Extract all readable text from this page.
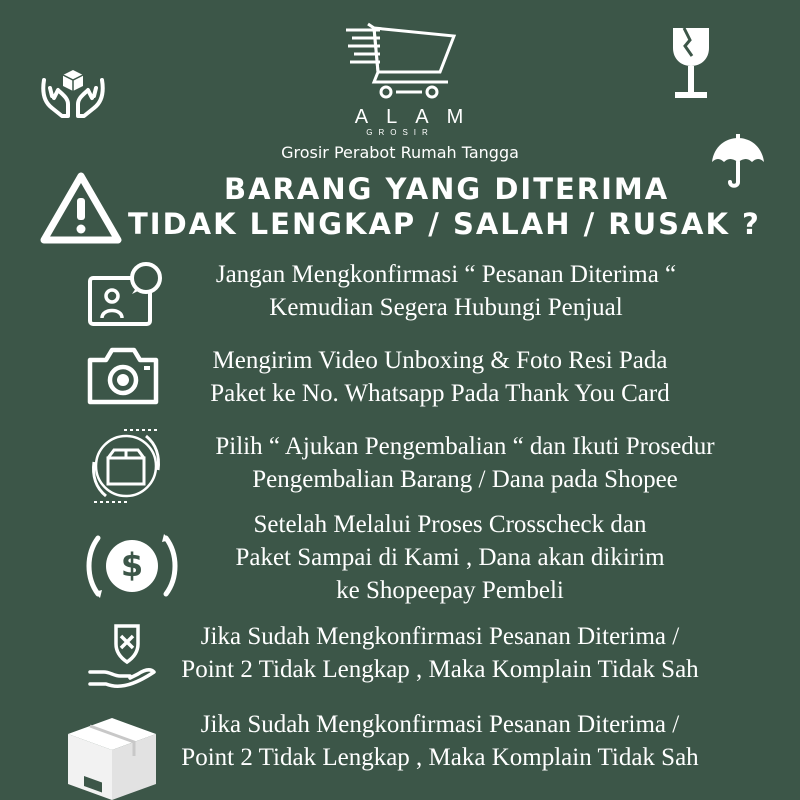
ALAM
GROSIR
Grosir Perabot Rumah Tangga
BARANG YANG DITERIMA
TIDAK LENGKAP / SALAH / RUSAK ?
Jangan Mengkonfirmasi “ Pesanan Diterima “
Kemudian Segera Hubungi Penjual
Mengirim Video Unboxing & Foto Resi Pada
Paket ke No. Whatsapp Pada Thank You Card
Pilih “ Ajukan Pengembalian “ dan Ikuti Prosedur
Pengembalian Barang / Dana pada Shopee
$
Setelah Melalui Proses Crosscheck dan
Paket Sampai di Kami , Dana akan dikirim
ke Shopeepay Pembeli
Jika Sudah Mengkonfirmasi Pesanan Diterima /
Point 2 Tidak Lengkap , Maka Komplain Tidak Sah
Jika Sudah Mengkonfirmasi Pesanan Diterima /
Point 2 Tidak Lengkap , Maka Komplain Tidak Sah
